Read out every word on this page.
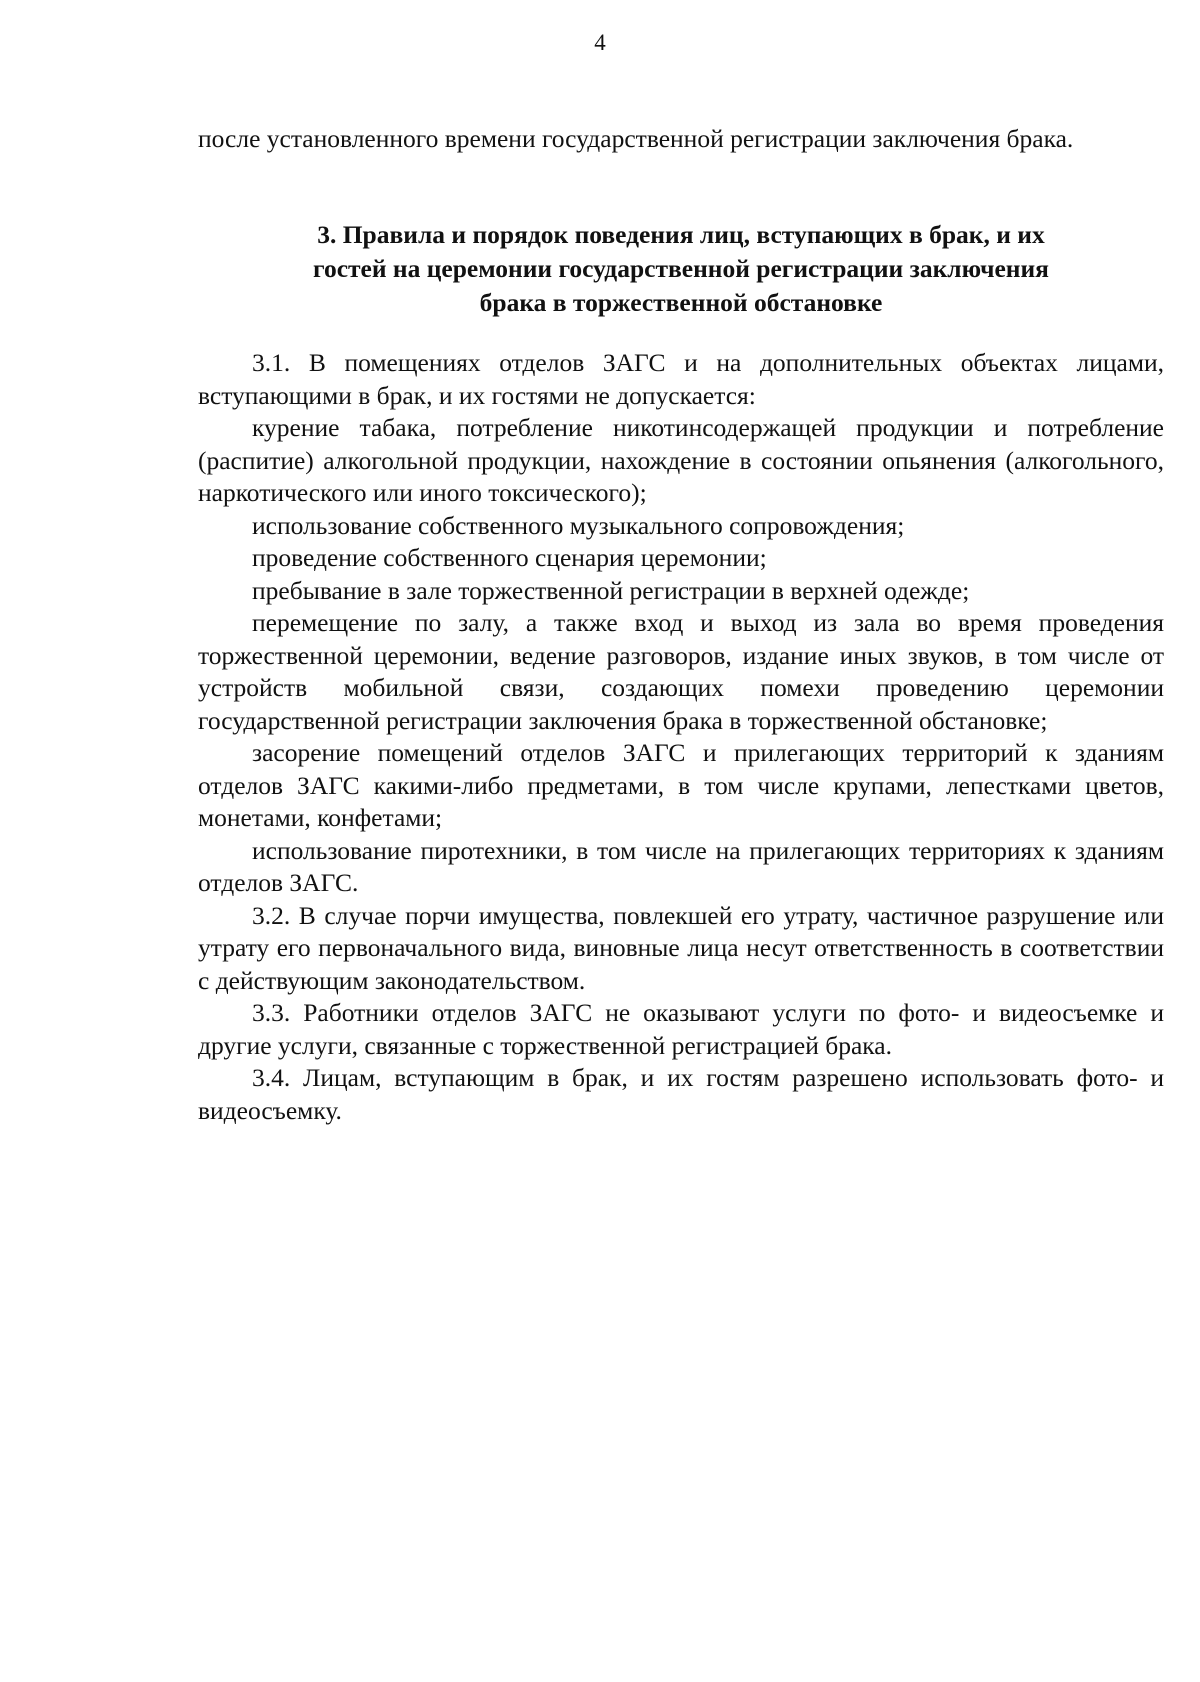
4

после установленного времени государственной регистрации заключения брака.

3. Правила и порядок поведения лиц, вступающих в брак, и их
гостей на церемонии государственной регистрации заключения
брака в торжественной обстановке

3.1. В помещениях отделов ЗАГС и на дополнительных объектах лицами, вступающими в брак, и их гостями не допускается:

курение табака, потребление никотинсодержащей продукции и потребление (распитие) алкогольной продукции, нахождение в состоянии опьянения (алкогольного, наркотического или иного токсического);

использование собственного музыкального сопровождения;

проведение собственного сценария церемонии;

пребывание в зале торжественной регистрации в верхней одежде;

перемещение по залу, а также вход и выход из зала во время проведения торжественной церемонии, ведение разговоров, издание иных звуков, в том числе от устройств мобильной связи, создающих помехи проведению церемонии государственной регистрации заключения брака в торжественной обстановке;

засорение помещений отделов ЗАГС и прилегающих территорий к зданиям отделов ЗАГС какими-либо предметами, в том числе крупами, лепестками цветов, монетами, конфетами;

использование пиротехники, в том числе на прилегающих территориях к зданиям отделов ЗАГС.

3.2. В случае порчи имущества, повлекшей его утрату, частичное разрушение или утрату его первоначального вида, виновные лица несут ответственность в соответствии с действующим законодательством.

3.3. Работники отделов ЗАГС не оказывают услуги по фото- и видеосъемке и другие услуги, связанные с торжественной регистрацией брака.

3.4. Лицам, вступающим в брак, и их гостям разрешено использовать фото- и видеосъемку.
